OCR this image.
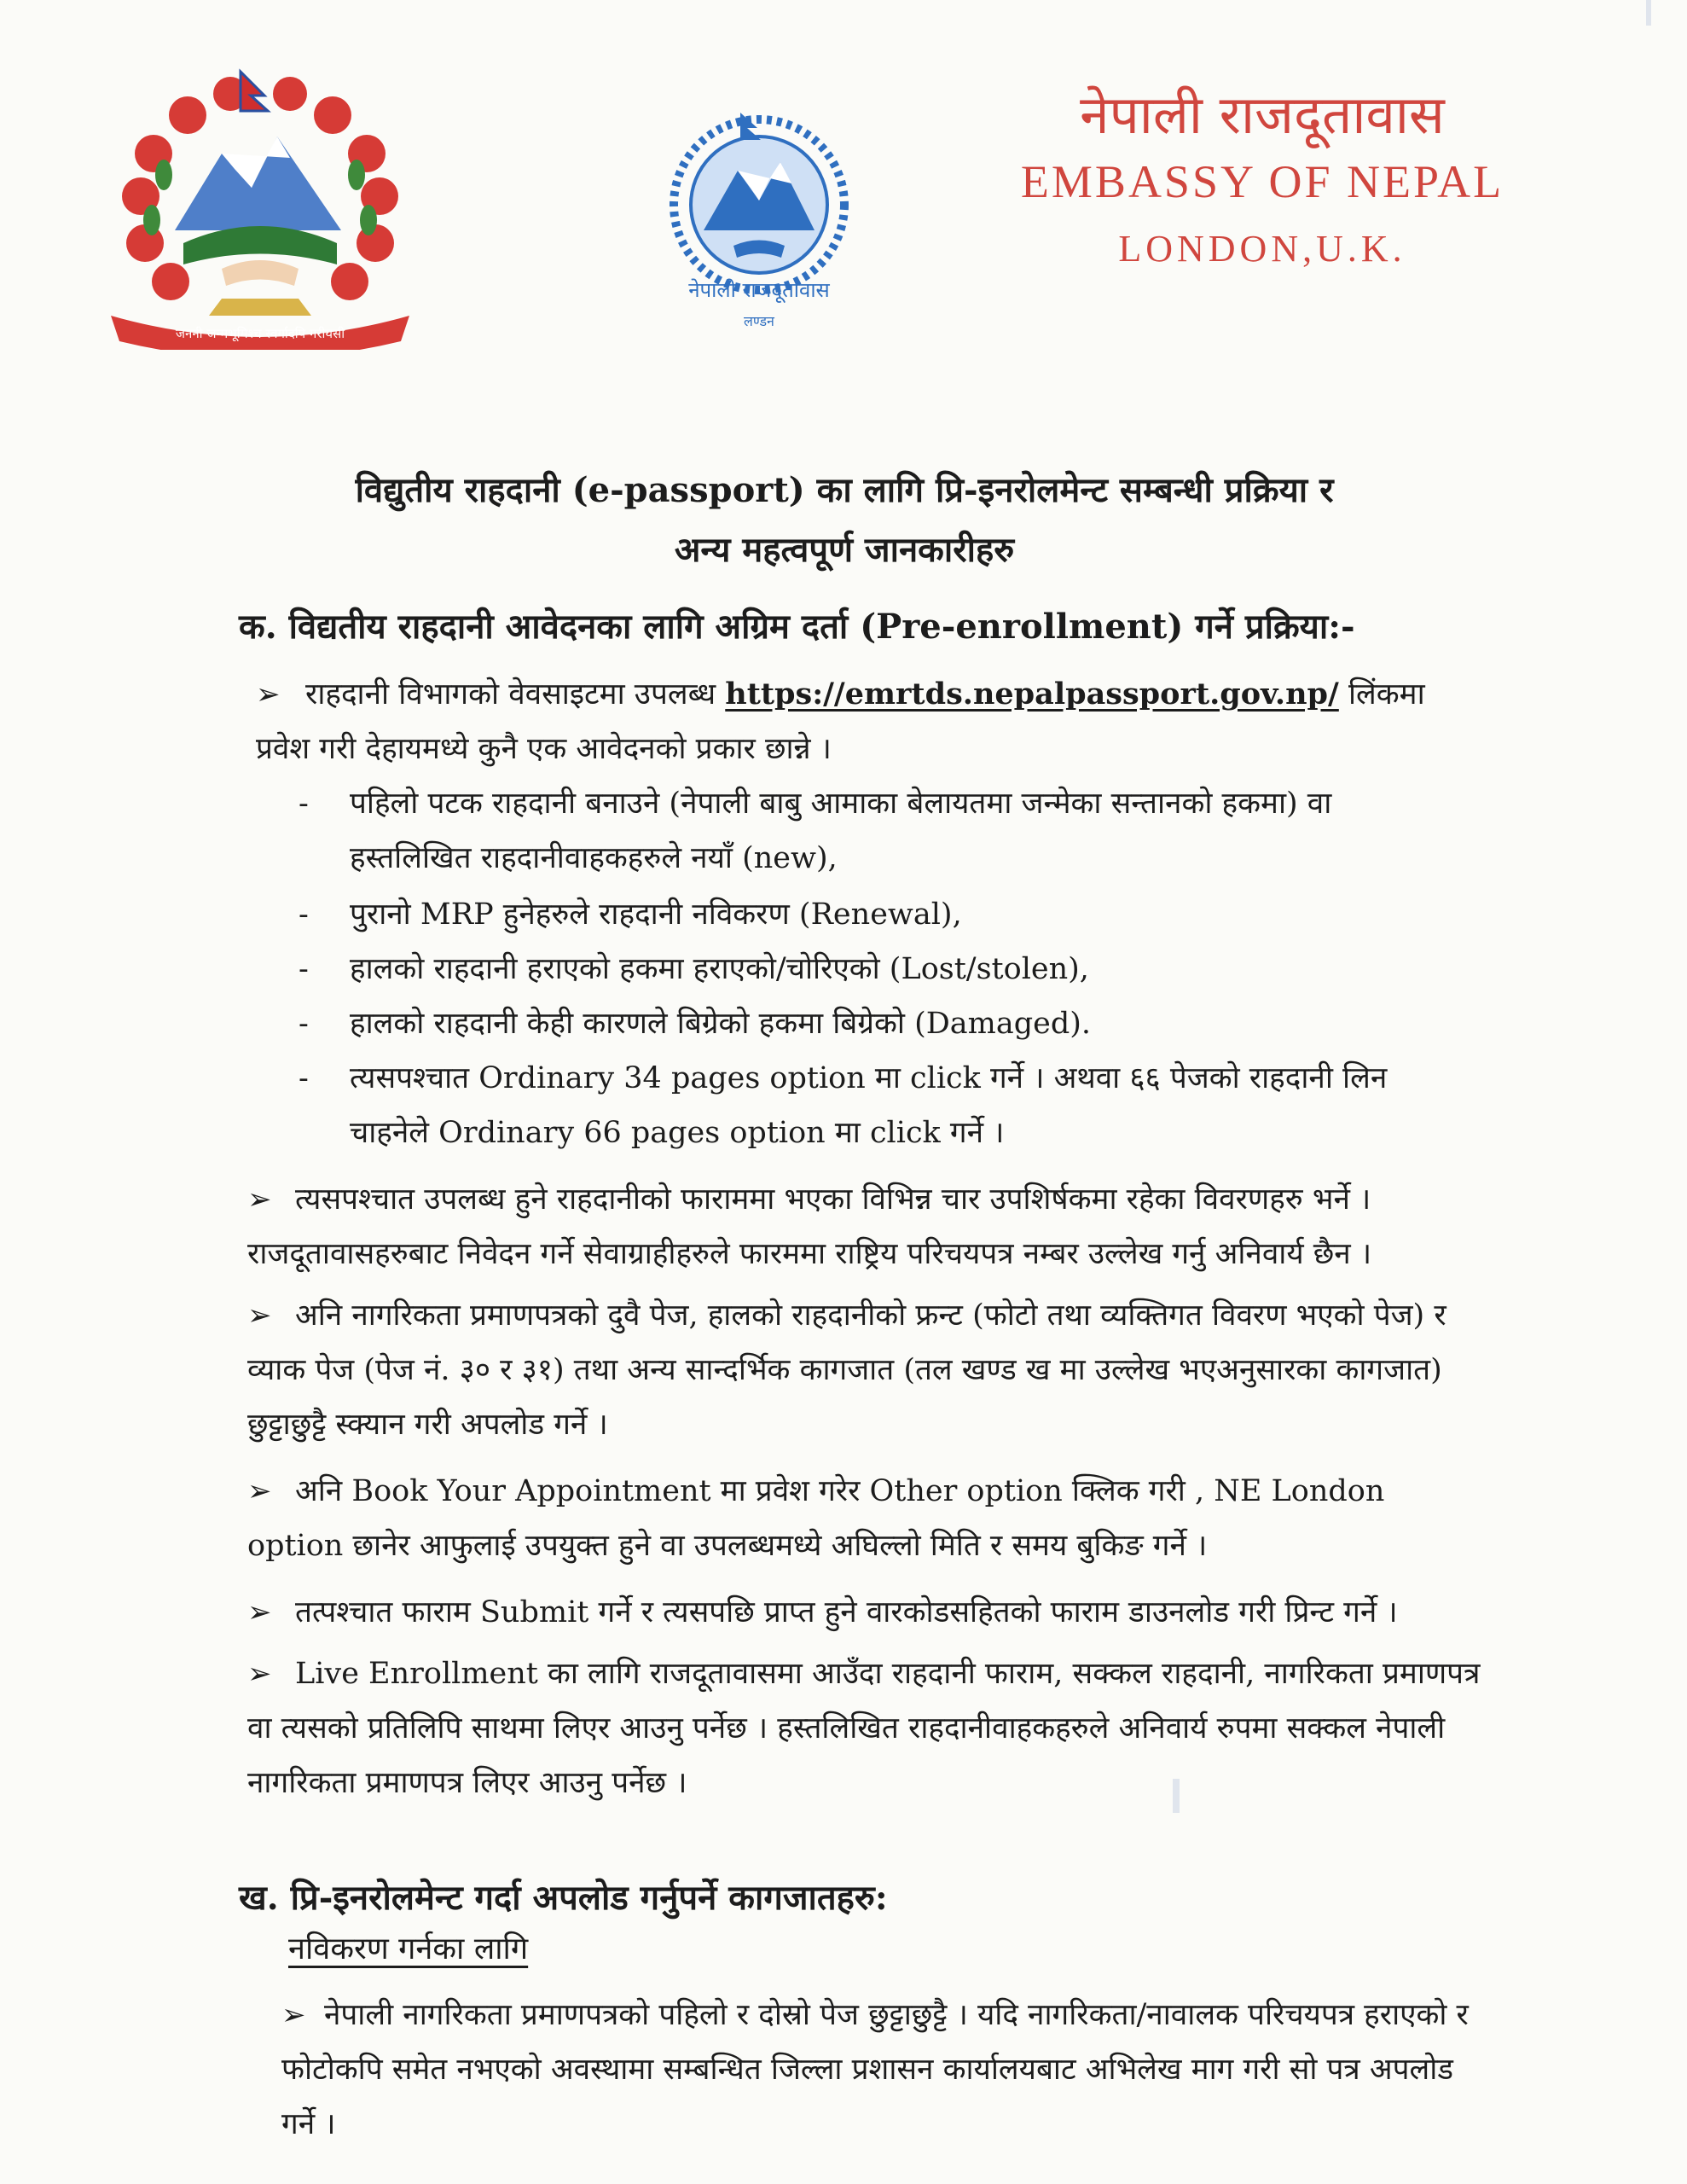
जननी जन्मभूमिश्च स्वर्गादपि गरीयसी
नेपाली राजदूतावास
लण्डन
नेपाली राजदूतावास
EMBASSY OF NEPAL
LONDON,U.K.
विद्युतीय राहदानी (e-passport) का लागि प्रि-इनरोलमेन्ट सम्बन्धी प्रक्रिया र
अन्य महत्वपूर्ण जानकारीहरु
क. विद्यतीय राहदानी आवेदनका लागि अग्रिम दर्ता (Pre-enrollment) गर्ने प्रक्रिया:-
➢ राहदानी विभागको वेवसाइटमा उपलब्ध https://emrtds.nepalpassport.gov.np/ लिंकमा प्रवेश गरी देहायमध्ये कुनै एक आवेदनको प्रकार छान्ने ।
-	पहिलो पटक राहदानी बनाउने (नेपाली बाबु आमाका बेलायतमा जन्मेका सन्तानको हकमा) वा हस्तलिखित राहदानीवाहकहरुले नयाँ (new),
-	पुरानो MRP हुनेहरुले राहदानी नविकरण (Renewal),
-	हालको राहदानी हराएको हकमा हराएको/चोरिएको (Lost/stolen),
-	हालको राहदानी केही कारणले बिग्रेको हकमा बिग्रेको (Damaged).
-	त्यसपश्चात Ordinary 34 pages option मा click गर्ने । अथवा ६६ पेजको राहदानी लिन चाहनेले Ordinary 66 pages option मा click गर्ने ।
➢ त्यसपश्चात उपलब्ध हुने राहदानीको फाराममा भएका विभिन्न चार उपशिर्षकमा रहेका विवरणहरु भर्ने । राजदूतावासहरुबाट निवेदन गर्ने सेवाग्राहीहरुले फारममा राष्ट्रिय परिचयपत्र नम्बर उल्लेख गर्नु अनिवार्य छैन ।
➢ अनि नागरिकता प्रमाणपत्रको दुवै पेज, हालको राहदानीको फ्रन्ट (फोटो तथा व्यक्तिगत विवरण भएको पेज) र व्याक पेज (पेज नं. ३० र ३१) तथा अन्य सान्दर्भिक कागजात (तल खण्ड ख मा उल्लेख भएअनुसारका कागजात) छुट्टाछुट्टै स्क्यान गरी अपलोड गर्ने ।
➢ अनि Book Your Appointment मा प्रवेश गरेर Other option क्लिक गरी , NE London option छानेर आफुलाई उपयुक्त हुने वा उपलब्धमध्ये अघिल्लो मिति र समय बुकिङ गर्ने ।
➢ तत्पश्चात फाराम Submit गर्ने र त्यसपछि प्राप्त हुने वारकोडसहितको फाराम डाउनलोड गरी प्रिन्ट गर्ने ।
➢ Live Enrollment का लागि राजदूतावासमा आउँदा राहदानी फाराम, सक्कल राहदानी, नागरिकता प्रमाणपत्र वा त्यसको प्रतिलिपि साथमा लिएर आउनु पर्नेछ । हस्तलिखित राहदानीवाहकहरुले अनिवार्य रुपमा सक्कल नेपाली नागरिकता प्रमाणपत्र लिएर आउनु पर्नेछ ।
ख. प्रि-इनरोलमेन्ट गर्दा अपलोड गर्नुपर्ने कागजातहरु:
नविकरण गर्नका लागि
➢ नेपाली नागरिकता प्रमाणपत्रको पहिलो र दोस्रो पेज छुट्टाछुट्टै । यदि नागरिकता/नावालक परिचयपत्र हराएको र फोटोकपि समेत नभएको अवस्थामा सम्बन्धित जिल्ला प्रशासन कार्यालयबाट अभिलेख माग गरी सो पत्र अपलोड गर्ने ।
